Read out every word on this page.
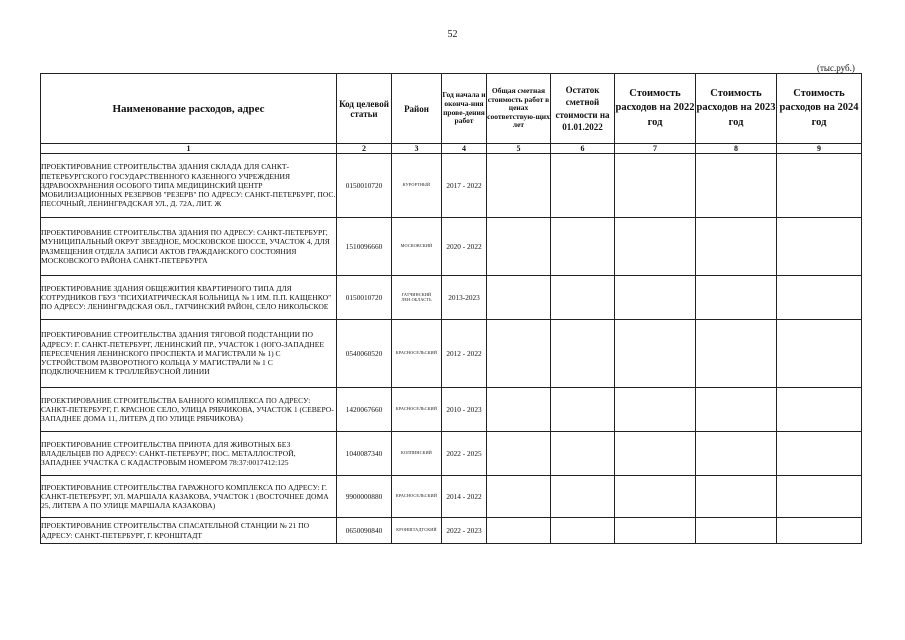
52
(тыс.руб.)
Наименование расходов, адрес	Код целевой статьи	Район	Год начала и оконча-ния прове-дения работ	Общая сметная стоимость работ в ценах соответствую-щих лет	Остаток сметной стоимости на 01.01.2022	Стоимость расходов на 2022 год	Стоимость расходов на 2023 год	Стоимость расходов на 2024 год
1	2	3	4	5	6	7	8	9
ПРОЕКТИРОВАНИЕ СТРОИТЕЛЬСТВА ЗДАНИЯ СКЛАДА ДЛЯ САНКТ-ПЕТЕРБУРГСКОГО ГОСУДАРСТВЕННОГО КАЗЕННОГО УЧРЕЖДЕНИЯ ЗДРАВООХРАНЕНИЯ ОСОБОГО ТИПА МЕДИЦИНСКИЙ ЦЕНТР МОБИЛИЗАЦИОННЫХ РЕЗЕРВОВ "РЕЗЕРВ" ПО АДРЕСУ: САНКТ-ПЕТЕРБУРГ, ПОС. ПЕСОЧНЫЙ, ЛЕНИНГРАДСКАЯ УЛ., Д. 72А, ЛИТ. Ж	0150010720	КУРОРТНЫЙ	2017 - 2022					
ПРОЕКТИРОВАНИЕ СТРОИТЕЛЬСТВА ЗДАНИЯ ПО АДРЕСУ: САНКТ-ПЕТЕРБУРГ, МУНИЦИПАЛЬНЫЙ ОКРУГ ЗВЕЗДНОЕ, МОСКОВСКОЕ ШОССЕ, УЧАСТОК 4, ДЛЯ РАЗМЕЩЕНИЯ ОТДЕЛА ЗАПИСИ АКТОВ ГРАЖДАНСКОГО СОСТОЯНИЯ МОСКОВСКОГО РАЙОНА САНКТ-ПЕТЕРБУРГА	1510096660	МОСКОВСКИЙ	2020 - 2022					
ПРОЕКТИРОВАНИЕ ЗДАНИЯ ОБЩЕЖИТИЯ КВАРТИРНОГО ТИПА ДЛЯ СОТРУДНИКОВ ГБУЗ "ПСИХИАТРИЧЕСКАЯ БОЛЬНИЦА № 1 ИМ. П.П. КАЩЕНКО" ПО АДРЕСУ: ЛЕНИНГРАДСКАЯ ОБЛ., ГАТЧИНСКИЙ РАЙОН, СЕЛО НИКОЛЬСКОЕ	0150010720	ГАТЧИНСКИЙ ЛЕН.ОБЛАСТЬ	2013-2023					
ПРОЕКТИРОВАНИЕ СТРОИТЕЛЬСТВА ЗДАНИЯ ТЯГОВОЙ ПОДСТАНЦИИ ПО АДРЕСУ: Г. САНКТ-ПЕТЕРБУРГ, ЛЕНИНСКИЙ ПР., УЧАСТОК 1 (ЮГО-ЗАПАДНЕЕ ПЕРЕСЕЧЕНИЯ ЛЕНИНСКОГО ПРОСПЕКТА И МАГИСТРАЛИ № 1) С УСТРОЙСТВОМ РАЗВОРОТНОГО КОЛЬЦА У МАГИСТРАЛИ № 1 С ПОДКЛЮЧЕНИЕМ К ТРОЛЛЕЙБУСНОЙ ЛИНИИ	0540060520	КРАСНОСЕЛЬСКИЙ	2012 - 2022					
ПРОЕКТИРОВАНИЕ СТРОИТЕЛЬСТВА БАННОГО КОМПЛЕКСА ПО АДРЕСУ: САНКТ-ПЕТЕРБУРГ, Г. КРАСНОЕ СЕЛО, УЛИЦА РЯБЧИКОВА, УЧАСТОК 1 (СЕВЕРО-ЗАПАДНЕЕ ДОМА 11, ЛИТЕРА Д ПО УЛИЦЕ РЯБЧИКОВА)	1420067660	КРАСНОСЕЛЬСКИЙ	2010 - 2023					
ПРОЕКТИРОВАНИЕ СТРОИТЕЛЬСТВА ПРИЮТА ДЛЯ ЖИВОТНЫХ БЕЗ ВЛАДЕЛЬЦЕВ ПО АДРЕСУ: САНКТ-ПЕТЕРБУРГ, ПОС. МЕТАЛЛОСТРОЙ, ЗАПАДНЕЕ УЧАСТКА С КАДАСТРОВЫМ НОМЕРОМ 78:37:0017412:125	1040087340	КОЛПИНСКИЙ	2022 - 2025					
ПРОЕКТИРОВАНИЕ СТРОИТЕЛЬСТВА ГАРАЖНОГО КОМПЛЕКСА ПО АДРЕСУ: Г. САНКТ-ПЕТЕРБУРГ, УЛ. МАРШАЛА КАЗАКОВА, УЧАСТОК 1 (ВОСТОЧНЕЕ ДОМА 25, ЛИТЕРА А ПО УЛИЦЕ МАРШАЛА КАЗАКОВА)	9900000880	КРАСНОСЕЛЬСКИЙ	2014 - 2022					
ПРОЕКТИРОВАНИЕ СТРОИТЕЛЬСТВА СПАСАТЕЛЬНОЙ СТАНЦИИ № 21 ПО АДРЕСУ: САНКТ-ПЕТЕРБУРГ, Г. КРОНШТАДТ	0650090840	КРОНШТАДТСКИЙ	2022 - 2023					
